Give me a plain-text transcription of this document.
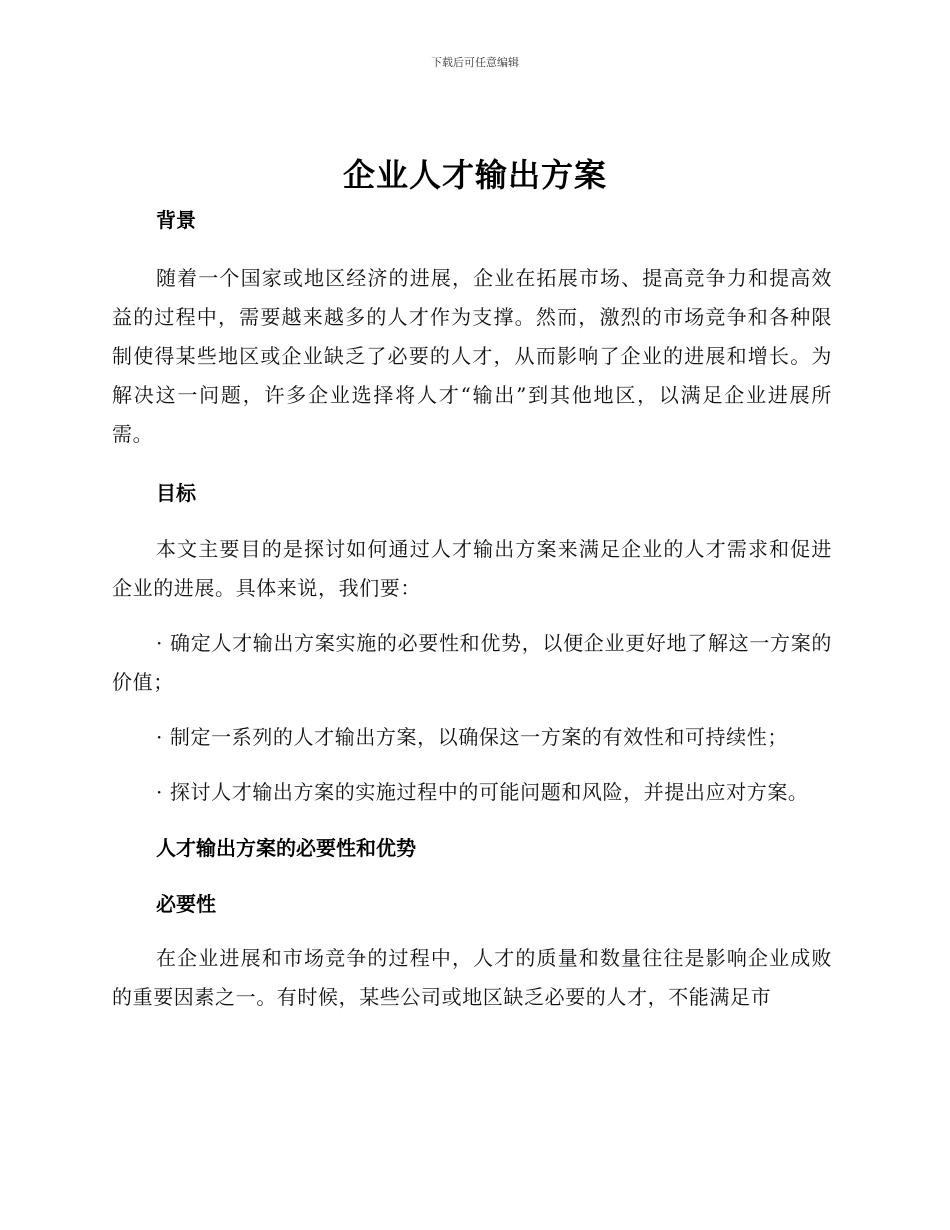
下载后可任意编辑
企业人才输出方案
背景

随着一个国家或地区经济的进展，企业在拓展市场、提高竞争力和提高效益的过程中，需要越来越多的人才作为支撑。然而，激烈的市场竞争和各种限制使得某些地区或企业缺乏了必要的人才，从而影响了企业的进展和增长。为解决这一问题，许多企业选择将人才“输出”到其他地区，以满足企业进展所需。

目标

本文主要目的是探讨如何通过人才输出方案来满足企业的人才需求和促进企业的进展。具体来说，我们要：

· 确定人才输出方案实施的必要性和优势，以便企业更好地了解这一方案的价值；

· 制定一系列的人才输出方案，以确保这一方案的有效性和可持续性；

· 探讨人才输出方案的实施过程中的可能问题和风险，并提出应对方案。

人才输出方案的必要性和优势
必要性

在企业进展和市场竞争的过程中，人才的质量和数量往往是影响企业成败的重要因素之一。有时候，某些公司或地区缺乏必要的人才，不能满足市
